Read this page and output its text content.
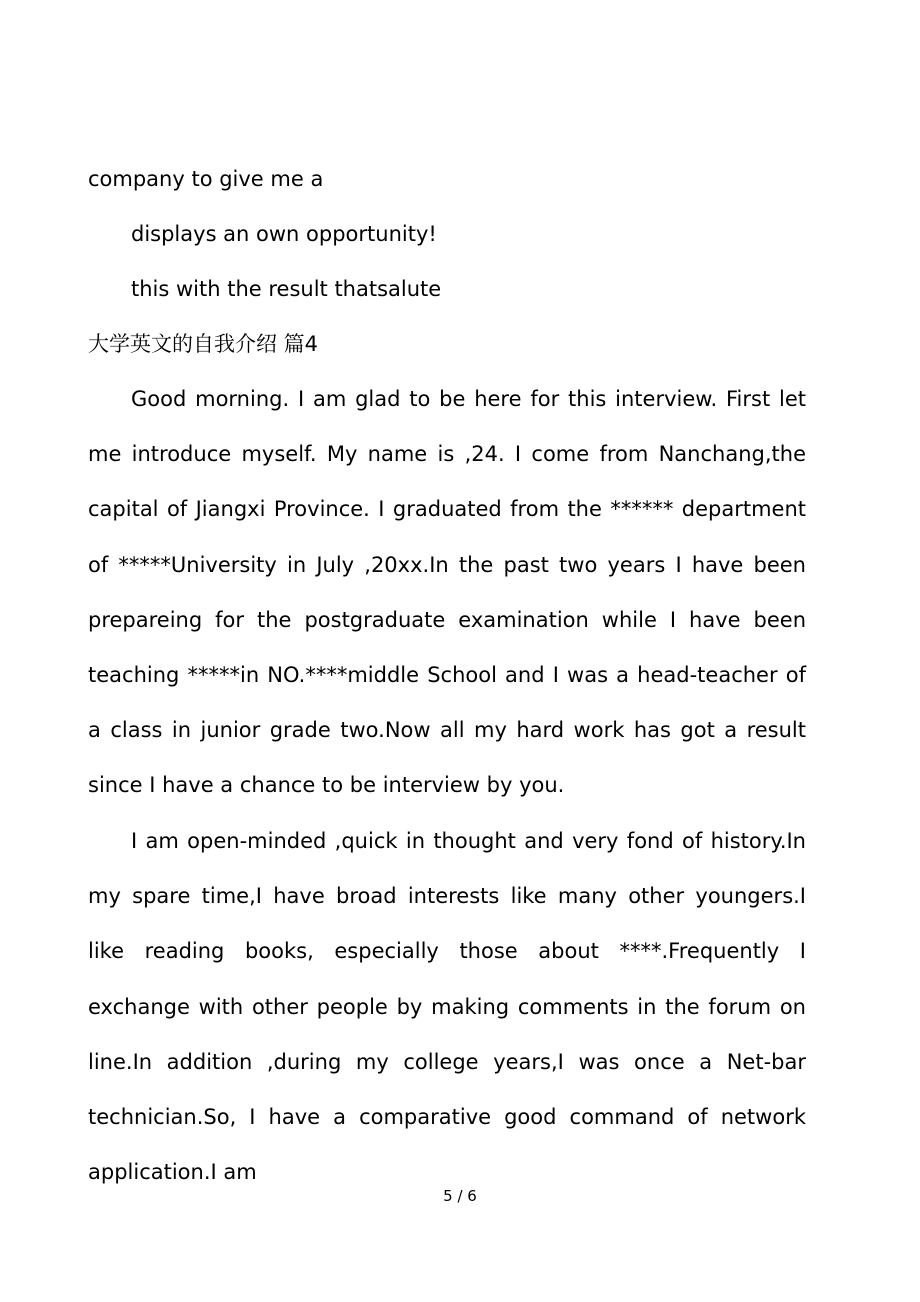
company to give me a
displays an own opportunity!
this with the result thatsalute
大学英文的自我介绍 篇4

Good morning. I am glad to be here for this interview. First let me introduce myself. My name is ,24. I come from Nanchang,the capital of Jiangxi Province. I graduated from the ****** department of *****University in July ,20xx.In the past two years I have been prepareing for the postgraduate examination while I have been teaching *****in NO.****middle School and I was a head-teacher of a class in junior grade two.Now all my hard work has got a result since I have a chance to be interview by you.

I am open-minded ,quick in thought and very fond of history.In my spare time,I have broad interests like many other youngers.I like reading books, especially those about ****.Frequently I exchange with other people by making comments in the forum on line.In addition ,during my college years,I was once a Net-bar technician.So, I have a comparative good command of network application.I am

5 / 6
